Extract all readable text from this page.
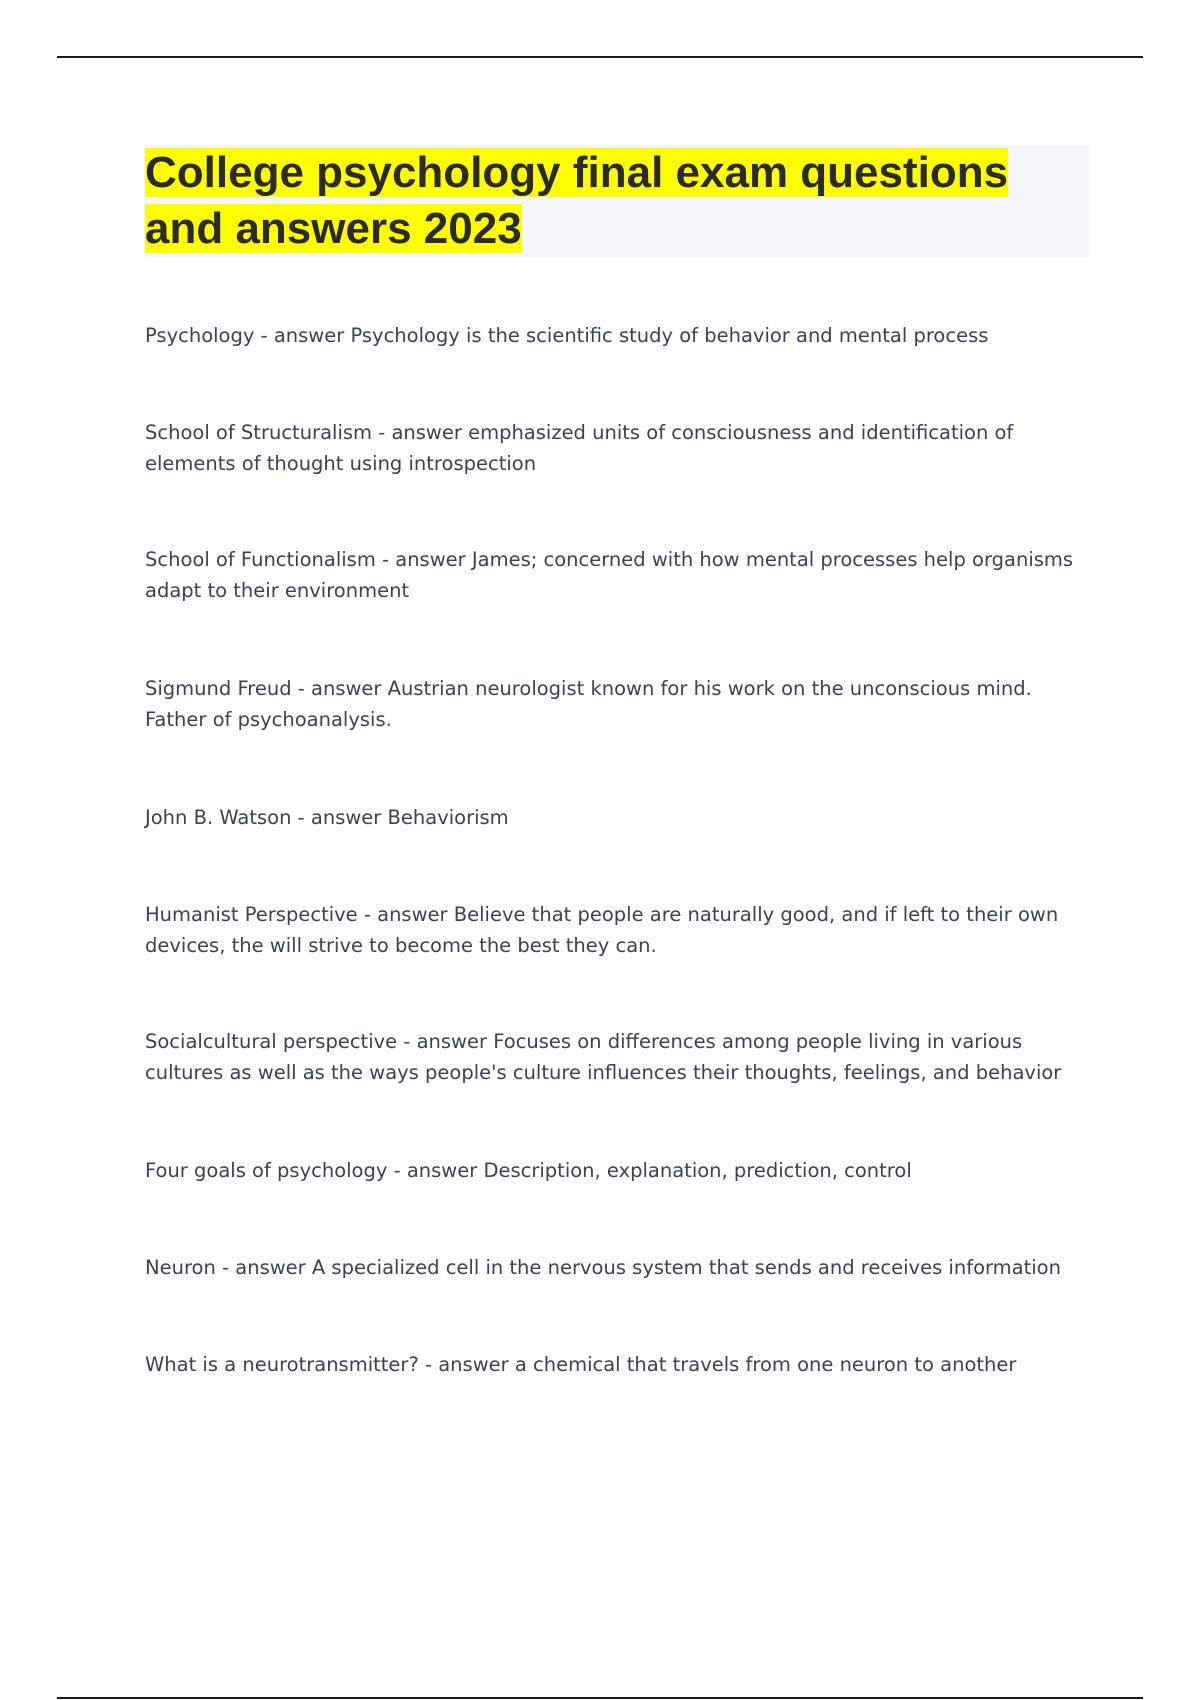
College psychology final exam questions and answers 2023

Psychology - answer Psychology is the scientific study of behavior and mental process

School of Structuralism - answer emphasized units of consciousness and identification of elements of thought using introspection

School of Functionalism - answer James; concerned with how mental processes help organisms adapt to their environment

Sigmund Freud - answer Austrian neurologist known for his work on the unconscious mind. Father of psychoanalysis.

John B. Watson - answer Behaviorism

Humanist Perspective - answer Believe that people are naturally good, and if left to their own devices, the will strive to become the best they can.

Socialcultural perspective - answer Focuses on differences among people living in various cultures as well as the ways people's culture influences their thoughts, feelings, and behavior

Four goals of psychology - answer Description, explanation, prediction, control

Neuron - answer A specialized cell in the nervous system that sends and receives information

What is a neurotransmitter? - answer a chemical that travels from one neuron to another
